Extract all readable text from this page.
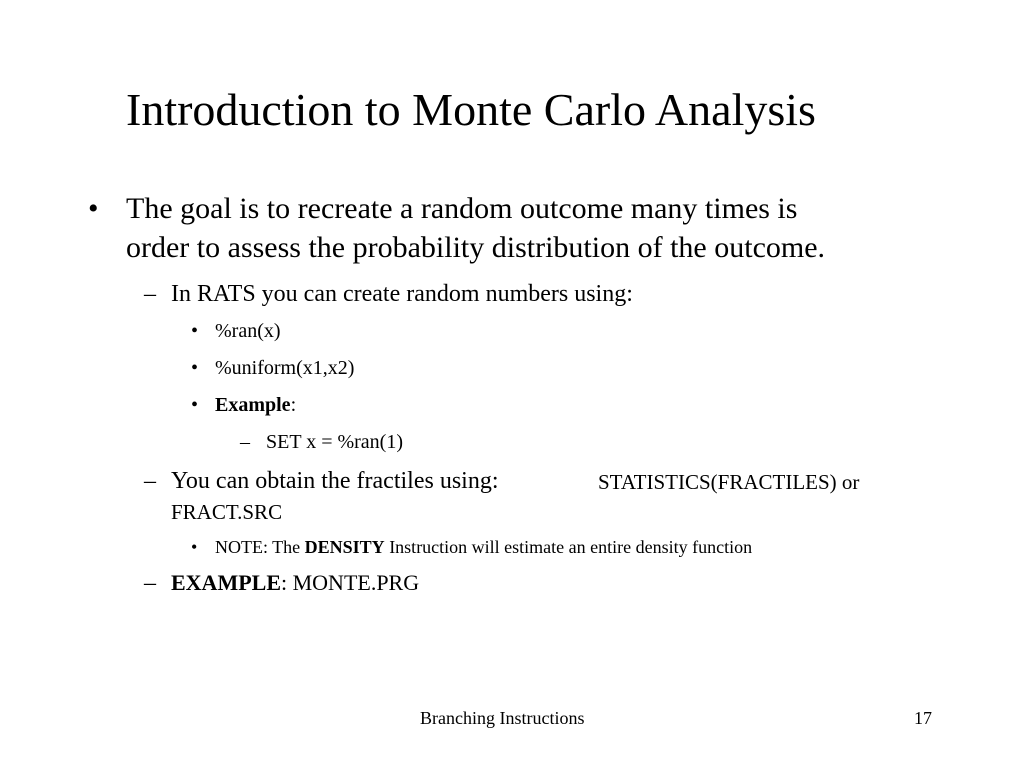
Introduction to Monte Carlo Analysis
• The goal is to recreate a random outcome many times is
order to assess the probability distribution of the outcome.
– In RATS you can create random numbers using:
• %ran(x)
• %uniform(x1,x2)
• Example:
– SET x = %ran(1)
– You can obtain the fractiles using:	STATISTICS(FRACTILES) or
FRACT.SRC
• NOTE: The DENSITY Instruction will estimate an entire density function
– EXAMPLE: MONTE.PRG
Branching Instructions	17
